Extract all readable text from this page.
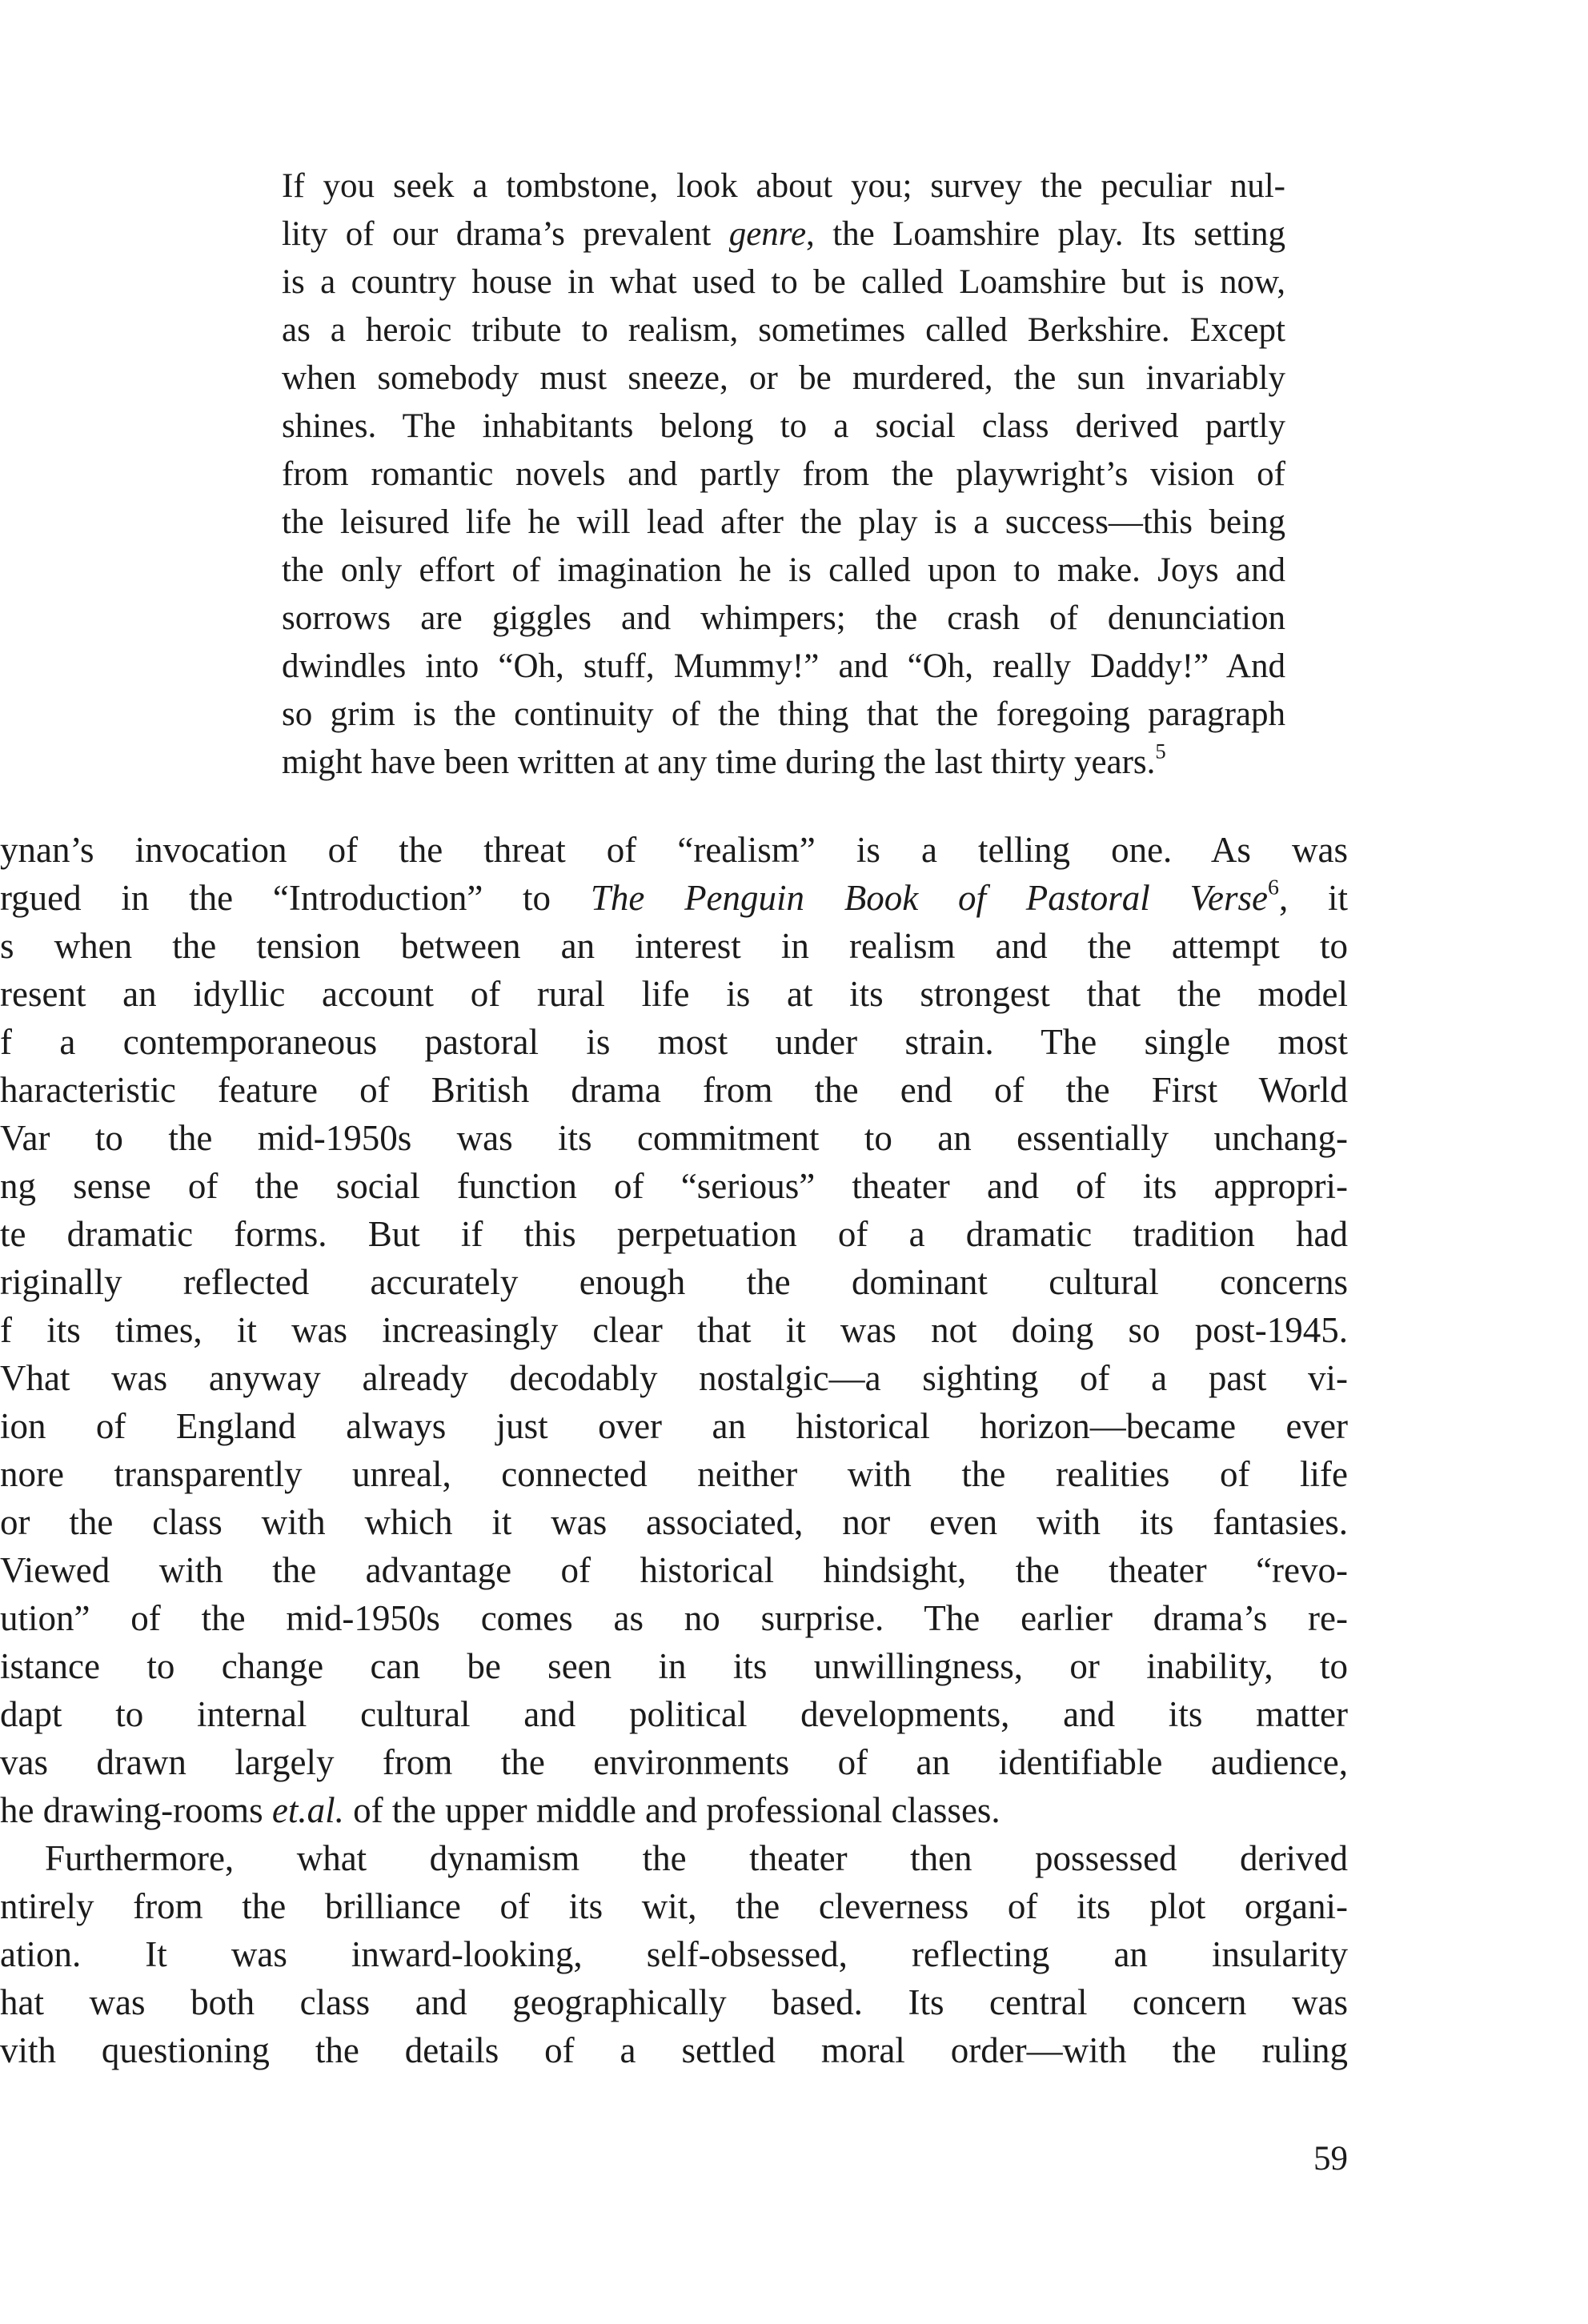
If you seek a tombstone, look about you; survey the peculiar nul-
lity of our drama’s prevalent genre, the Loamshire play. Its setting
is a country house in what used to be called Loamshire but is now,
as a heroic tribute to realism, sometimes called Berkshire. Except
when somebody must sneeze, or be murdered, the sun invariably
shines. The inhabitants belong to a social class derived partly
from romantic novels and partly from the playwright’s vision of
the leisured life he will lead after the play is a success—this being
the only effort of imagination he is called upon to make. Joys and
sorrows are giggles and whimpers; the crash of denunciation
dwindles into “Oh, stuff, Mummy!” and “Oh, really Daddy!” And
so grim is the continuity of the thing that the foregoing paragraph
might have been written at any time during the last thirty years.$^5$
ynan’s invocation of the threat of “realism” is a telling one. As was
rgued in the “Introduction” to The Penguin Book of Pastoral Verse$^6$, it
s when the tension between an interest in realism and the attempt to
resent an idyllic account of rural life is at its strongest that the model
f a contemporaneous pastoral is most under strain. The single most
haracteristic feature of British drama from the end of the First World
Var to the mid-1950s was its commitment to an essentially unchang-
ng sense of the social function of “serious” theater and of its appropri-
te dramatic forms. But if this perpetuation of a dramatic tradition had
riginally reflected accurately enough the dominant cultural concerns
f its times, it was increasingly clear that it was not doing so post-1945.
Vhat was anyway already decodably nostalgic—a sighting of a past vi-
ion of England always just over an historical horizon—became ever
nore transparently unreal, connected neither with the realities of life
or the class with which it was associated, nor even with its fantasies.
Viewed with the advantage of historical hindsight, the theater “revo-
ution” of the mid-1950s comes as no surprise. The earlier drama’s re-
istance to change can be seen in its unwillingness, or inability, to
dapt to internal cultural and political developments, and its matter
vas drawn largely from the environments of an identifiable audience,
he drawing-rooms et.al. of the upper middle and professional classes.
Furthermore, what dynamism the theater then possessed derived
ntirely from the brilliance of its wit, the cleverness of its plot organi-
ation. It was inward-looking, self-obsessed, reflecting an insularity
hat was both class and geographically based. Its central concern was
vith questioning the details of a settled moral order—with the ruling
59
